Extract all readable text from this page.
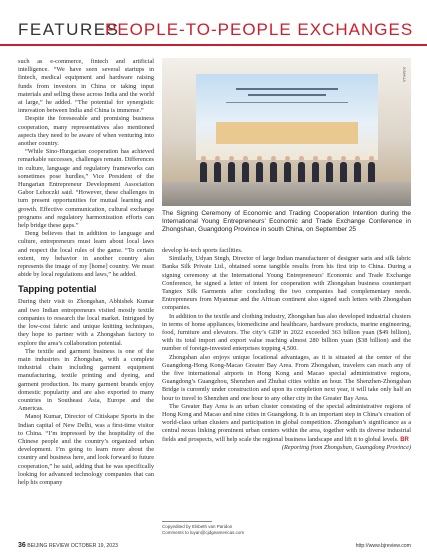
FEATURES
PEOPLE-TO-PEOPLE EXCHANGES

such as e-commerce, fintech and artificial intelligence. “We have seen several startups in fintech, medical equipment and hardware raising funds from investors in China or taking input materials and selling these across India and the world at large,” he added. “The potential for synergistic innovation between India and China is immense.”

Despite the foreseeable and promising business cooperation, many representatives also mentioned aspects they need to be aware of when venturing into another country.

“While Sino-Hungarian cooperation has achieved remarkable successes, challenges remain. Differences in culture, language and regulatory frameworks can sometimes pose hurdles,” Vice President of the Hungarian Entrepreneur Development Association Gabor Lehoczki said. “However, these challenges in turn present opportunities for mutual learning and growth. Effective communication, cultural exchange programs and regulatory harmonization efforts can help bridge these gaps.”

Deng believes that in addition to language and culture, entrepreneurs must learn about local laws and respect the local rules of the game. “To certain extent, my behavior in another country also represents the image of my [home] country. We must abide by local regulations and laws,” he added.

Tapping potential

During their visit to Zhongshan, Abhishek Kumar and two Indian entrepreneurs visited mostly textile companies to research the local market. Intrigued by the low-cost fabric and unique knitting techniques, they hope to partner with a Zhongshan factory to explore the area’s collaboration potential.

The textile and garment business is one of the main industries in Zhongshan, with a complete industrial chain including garment equipment manufacturing, textile printing and dyeing, and garment production. Its many garment brands enjoy domestic popularity and are also exported to many countries in Southeast Asia, Europe and the Americas.

Manoj Kumar, Director of Citiskape Sports in the Indian capital of New Delhi, was a first-time visitor to China. “I’m impressed by the hospitality of the Chinese people and the country’s organized urban development. I’m going to learn more about the country and business here, and look forward to future cooperation,” he said, adding that he was specifically looking for advanced technology companies that can help his company

XINHUA
The Signing Ceremony of Economic and Trading Cooperation Intention during the International Young Entrepreneurs’ Economic and Trade Exchange Conference in Zhongshan, Guangdong Province in south China, on September 25

develop hi-tech sports facilities.

Similarly, Udyan Singh, Director of large Indian manufacturer of designer saris and silk fabric Banka Silk Private Ltd., obtained some tangible results from his first trip to China. During a signing ceremony at the International Young Entrepreneurs’ Economic and Trade Exchange Conference, he signed a letter of intent for cooperation with Zhongshan business counterpart Tangtex Silk Garments after concluding the two companies had complementary needs. Entrepreneurs from Myanmar and the African continent also signed such letters with Zhongshan companies.

In addition to the textile and clothing industry, Zhongshan has also developed industrial clusters in terms of home appliances, biomedicine and healthcare, hardware products, marine engineering, food, furniture and elevators. The city’s GDP in 2022 exceeded 363 billion yuan ($49 billion), with its total import and export value reaching almost 280 billion yuan ($38 billion) and the number of foreign-invested enterprises topping 4,500.

Zhongshan also enjoys unique locational advantages, as it is situated at the center of the Guangdong-Hong Kong-Macao Greater Bay Area. From Zhongshan, travelers can reach any of the five international airports in Hong Kong and Macao special administrative regions, Guangdong’s Guangzhou, Shenzhen and Zhuhai cities within an hour. The Shenzhen-Zhongshan Bridge is currently under construction and upon its completion next year, it will take only half an hour to travel to Shenzhen and one hour to any other city in the Greater Bay Area.

The Greater Bay Area is an urban cluster consisting of the special administrative regions of Hong Kong and Macao and nine cities in Guangdong. It is an important step in China’s creation of world-class urban clusters and participation in global competition. Zhongshan’s significance as a central nexus linking prominent urban centers within the area, together with its diverse industrial fields and prospects, will help scale the regional business landscape and lift it to global levels. BR

(Reporting from Zhongshan, Guangdong Province)

Copyedited by Elsbeth van Paridon
Comments to luyan@cjdgeamericas.com
36 BEIJING REVIEW OCTOBER 19, 2023	http://www.bjreview.com
